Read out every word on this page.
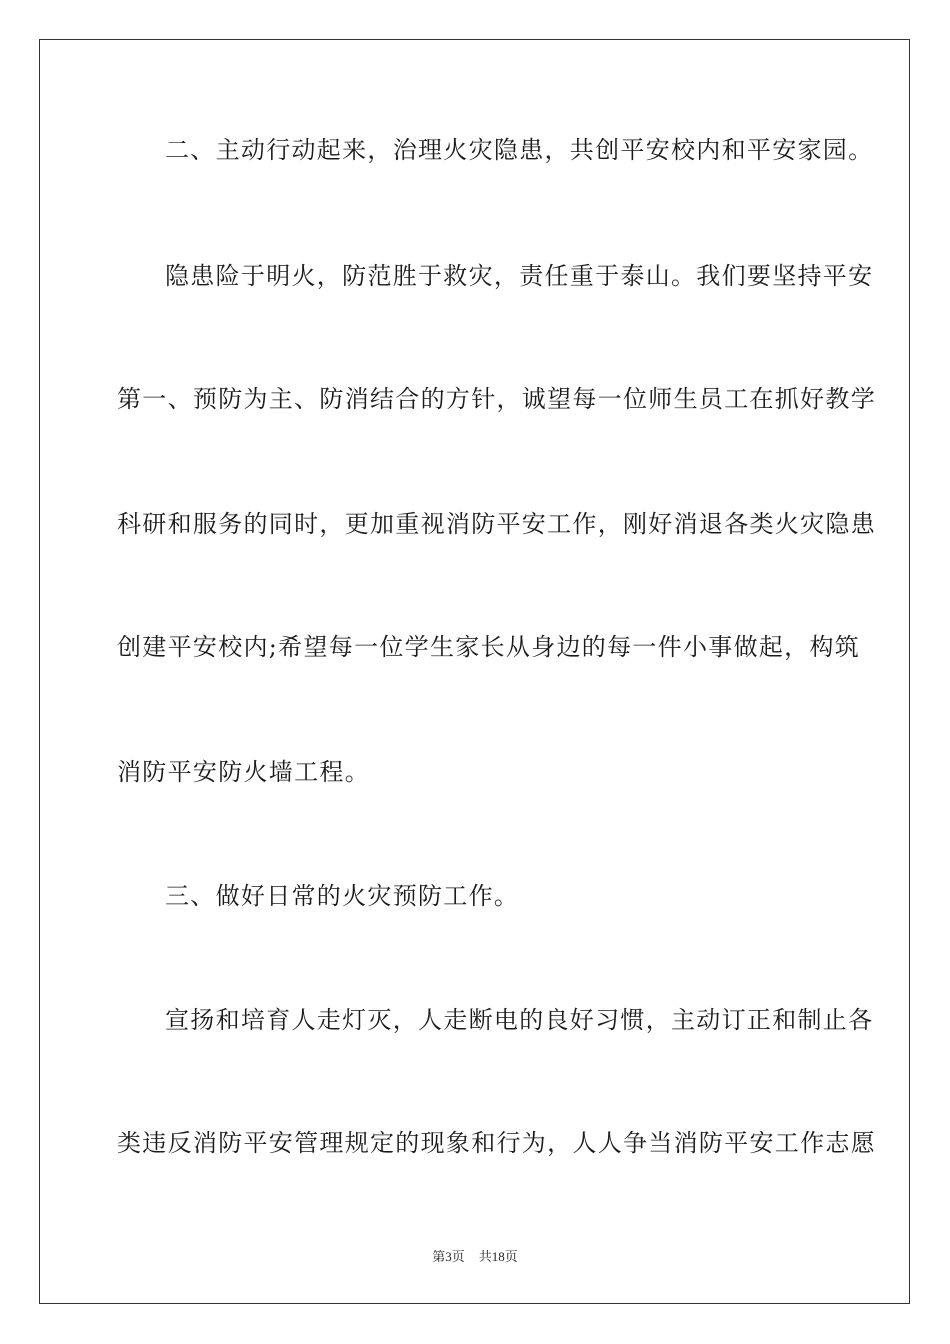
二、主动行动起来，治理火灾隐患，共创平安校内和平安家园。
隐患险于明火，防范胜于救灾，责任重于泰山。我们要坚持平安
第一、预防为主、防消结合的方针，诚望每一位师生员工在抓好教学
科研和服务的同时，更加重视消防平安工作，刚好消退各类火灾隐患
创建平安校内;希望每一位学生家长从身边的每一件小事做起，构筑
消防平安防火墙工程。
三、做好日常的火灾预防工作。
宣扬和培育人走灯灭，人走断电的良好习惯，主动订正和制止各
类违反消防平安管理规定的现象和行为，人人争当消防平安工作志愿
第3页 共18页
